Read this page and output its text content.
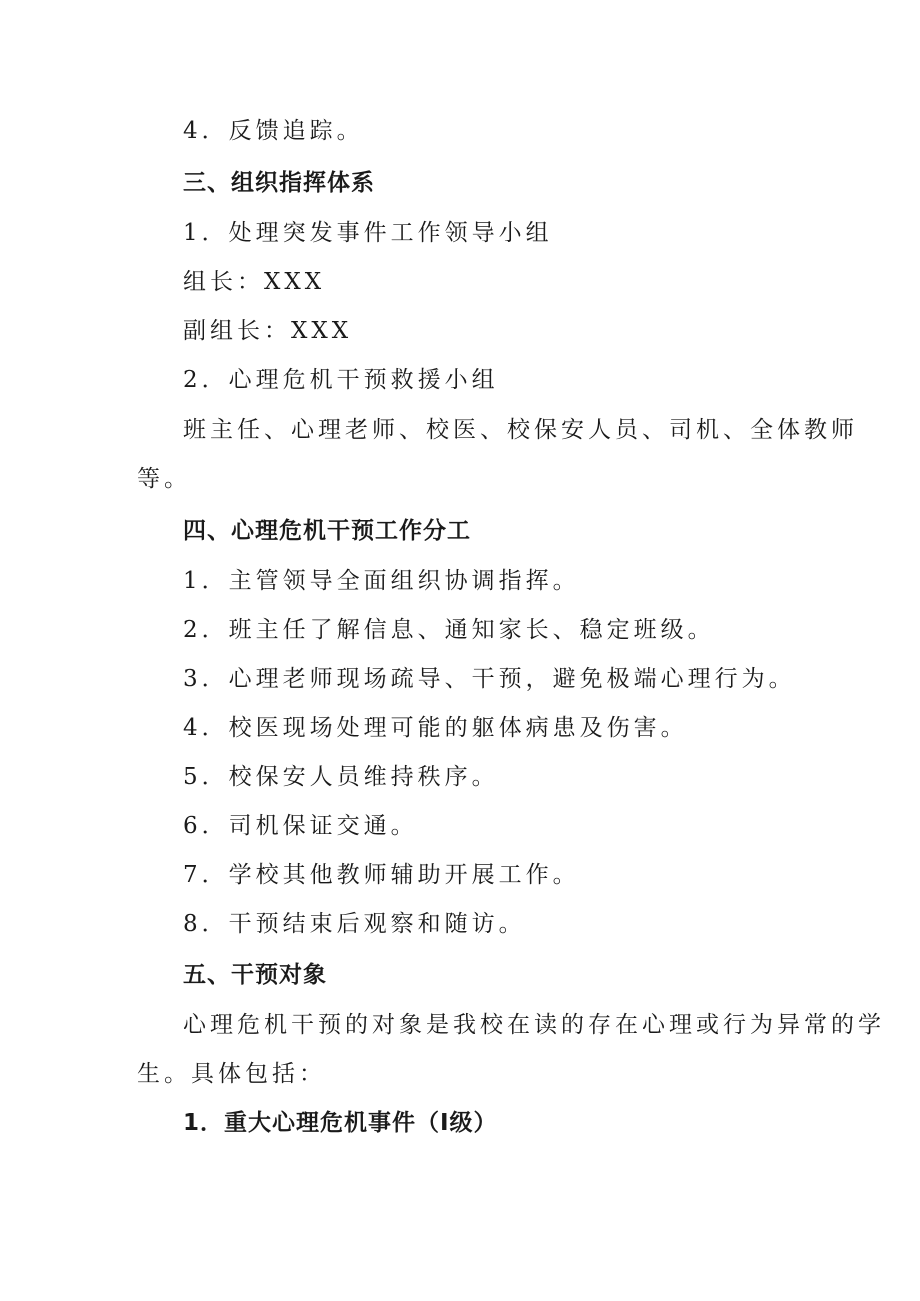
4．反馈追踪。
三、组织指挥体系
1．处理突发事件工作领导小组
组长：XXX
副组长：XXX
2．心理危机干预救援小组
班主任、心理老师、校医、校保安人员、司机、全体教师
等。
四、心理危机干预工作分工
1．主管领导全面组织协调指挥。
2．班主任了解信息、通知家长、稳定班级。
3．心理老师现场疏导、干预，避免极端心理行为。
4．校医现场处理可能的躯体病患及伤害。
5．校保安人员维持秩序。
6．司机保证交通。
7．学校其他教师辅助开展工作。
8．干预结束后观察和随访。
五、干预对象
心理危机干预的对象是我校在读的存在心理或行为异常的学
生。具体包括：
1．重大心理危机事件（I级）
